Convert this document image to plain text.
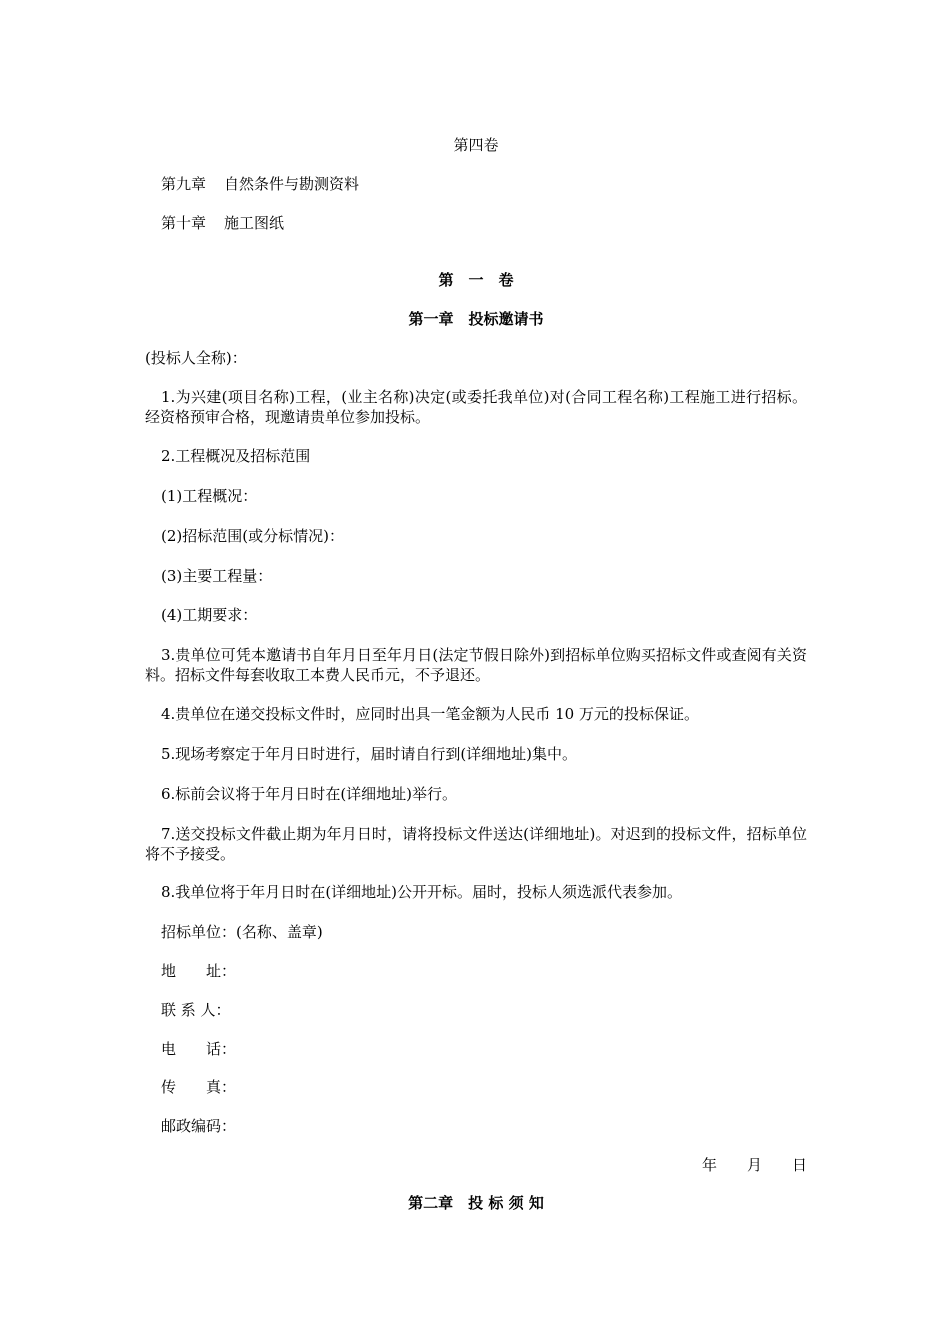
第四卷
第九章 自然条件与勘测资料
第十章 施工图纸
第　一　卷
第一章　投标邀请书
(投标人全称)：
1.为兴建(项目名称)工程，(业主名称)决定(或委托我单位)对(合同工程名称)工程施工进行招标。经资格预审合格，现邀请贵单位参加投标。
2.工程概况及招标范围
(1)工程概况：
(2)招标范围(或分标情况)：
(3)主要工程量：
(4)工期要求：
3.贵单位可凭本邀请书自年月日至年月日(法定节假日除外)到招标单位购买招标文件或查阅有关资料。招标文件每套收取工本费人民币元，不予退还。
4.贵单位在递交投标文件时，应同时出具一笔金额为人民币 10 万元的投标保证。
5.现场考察定于年月日时进行，届时请自行到(详细地址)集中。
6.标前会议将于年月日时在(详细地址)举行。
7.送交投标文件截止期为年月日时，请将投标文件送达(详细地址)。对迟到的投标文件，招标单位将不予接受。
8.我单位将于年月日时在(详细地址)公开开标。届时，投标人须选派代表参加。
招标单位：(名称、盖章)
地　　址：
联 系 人：
电　　话：
传　　真：
邮政编码：
年　　月　　日
第二章　投 标 须 知
